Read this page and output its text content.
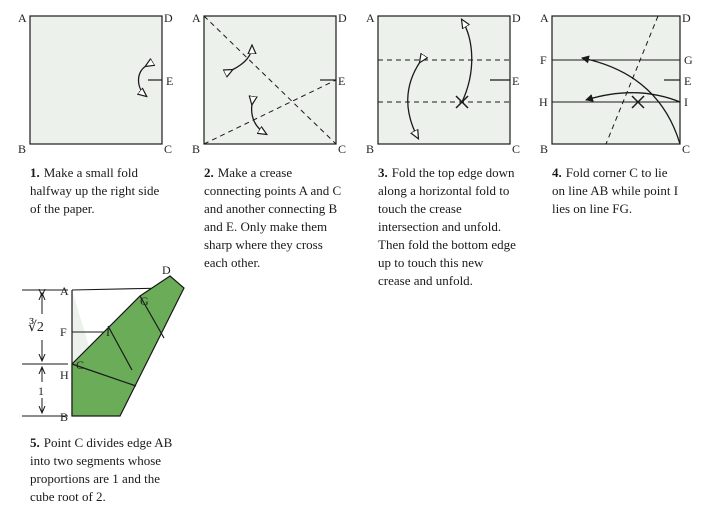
A	D
E
B	C
A	D
E
B	C
A	D
E
B	C
A	D
F	G
E
H	I
B	C
∛2
1
A
D
F
G
I
C
H
B
1. Make a small fold halfway up the right side of the paper.
2. Make a crease connecting points A and C and another connecting B and E. Only make them sharp where they cross each other.
3. Fold the top edge down along a horizontal fold to touch the crease intersection and unfold. Then fold the bottom edge up to touch this new crease and unfold.
4. Fold corner C to lie on line AB while point I lies on line FG.
5. Point C divides edge AB into two segments whose proportions are 1 and the cube root of 2.
